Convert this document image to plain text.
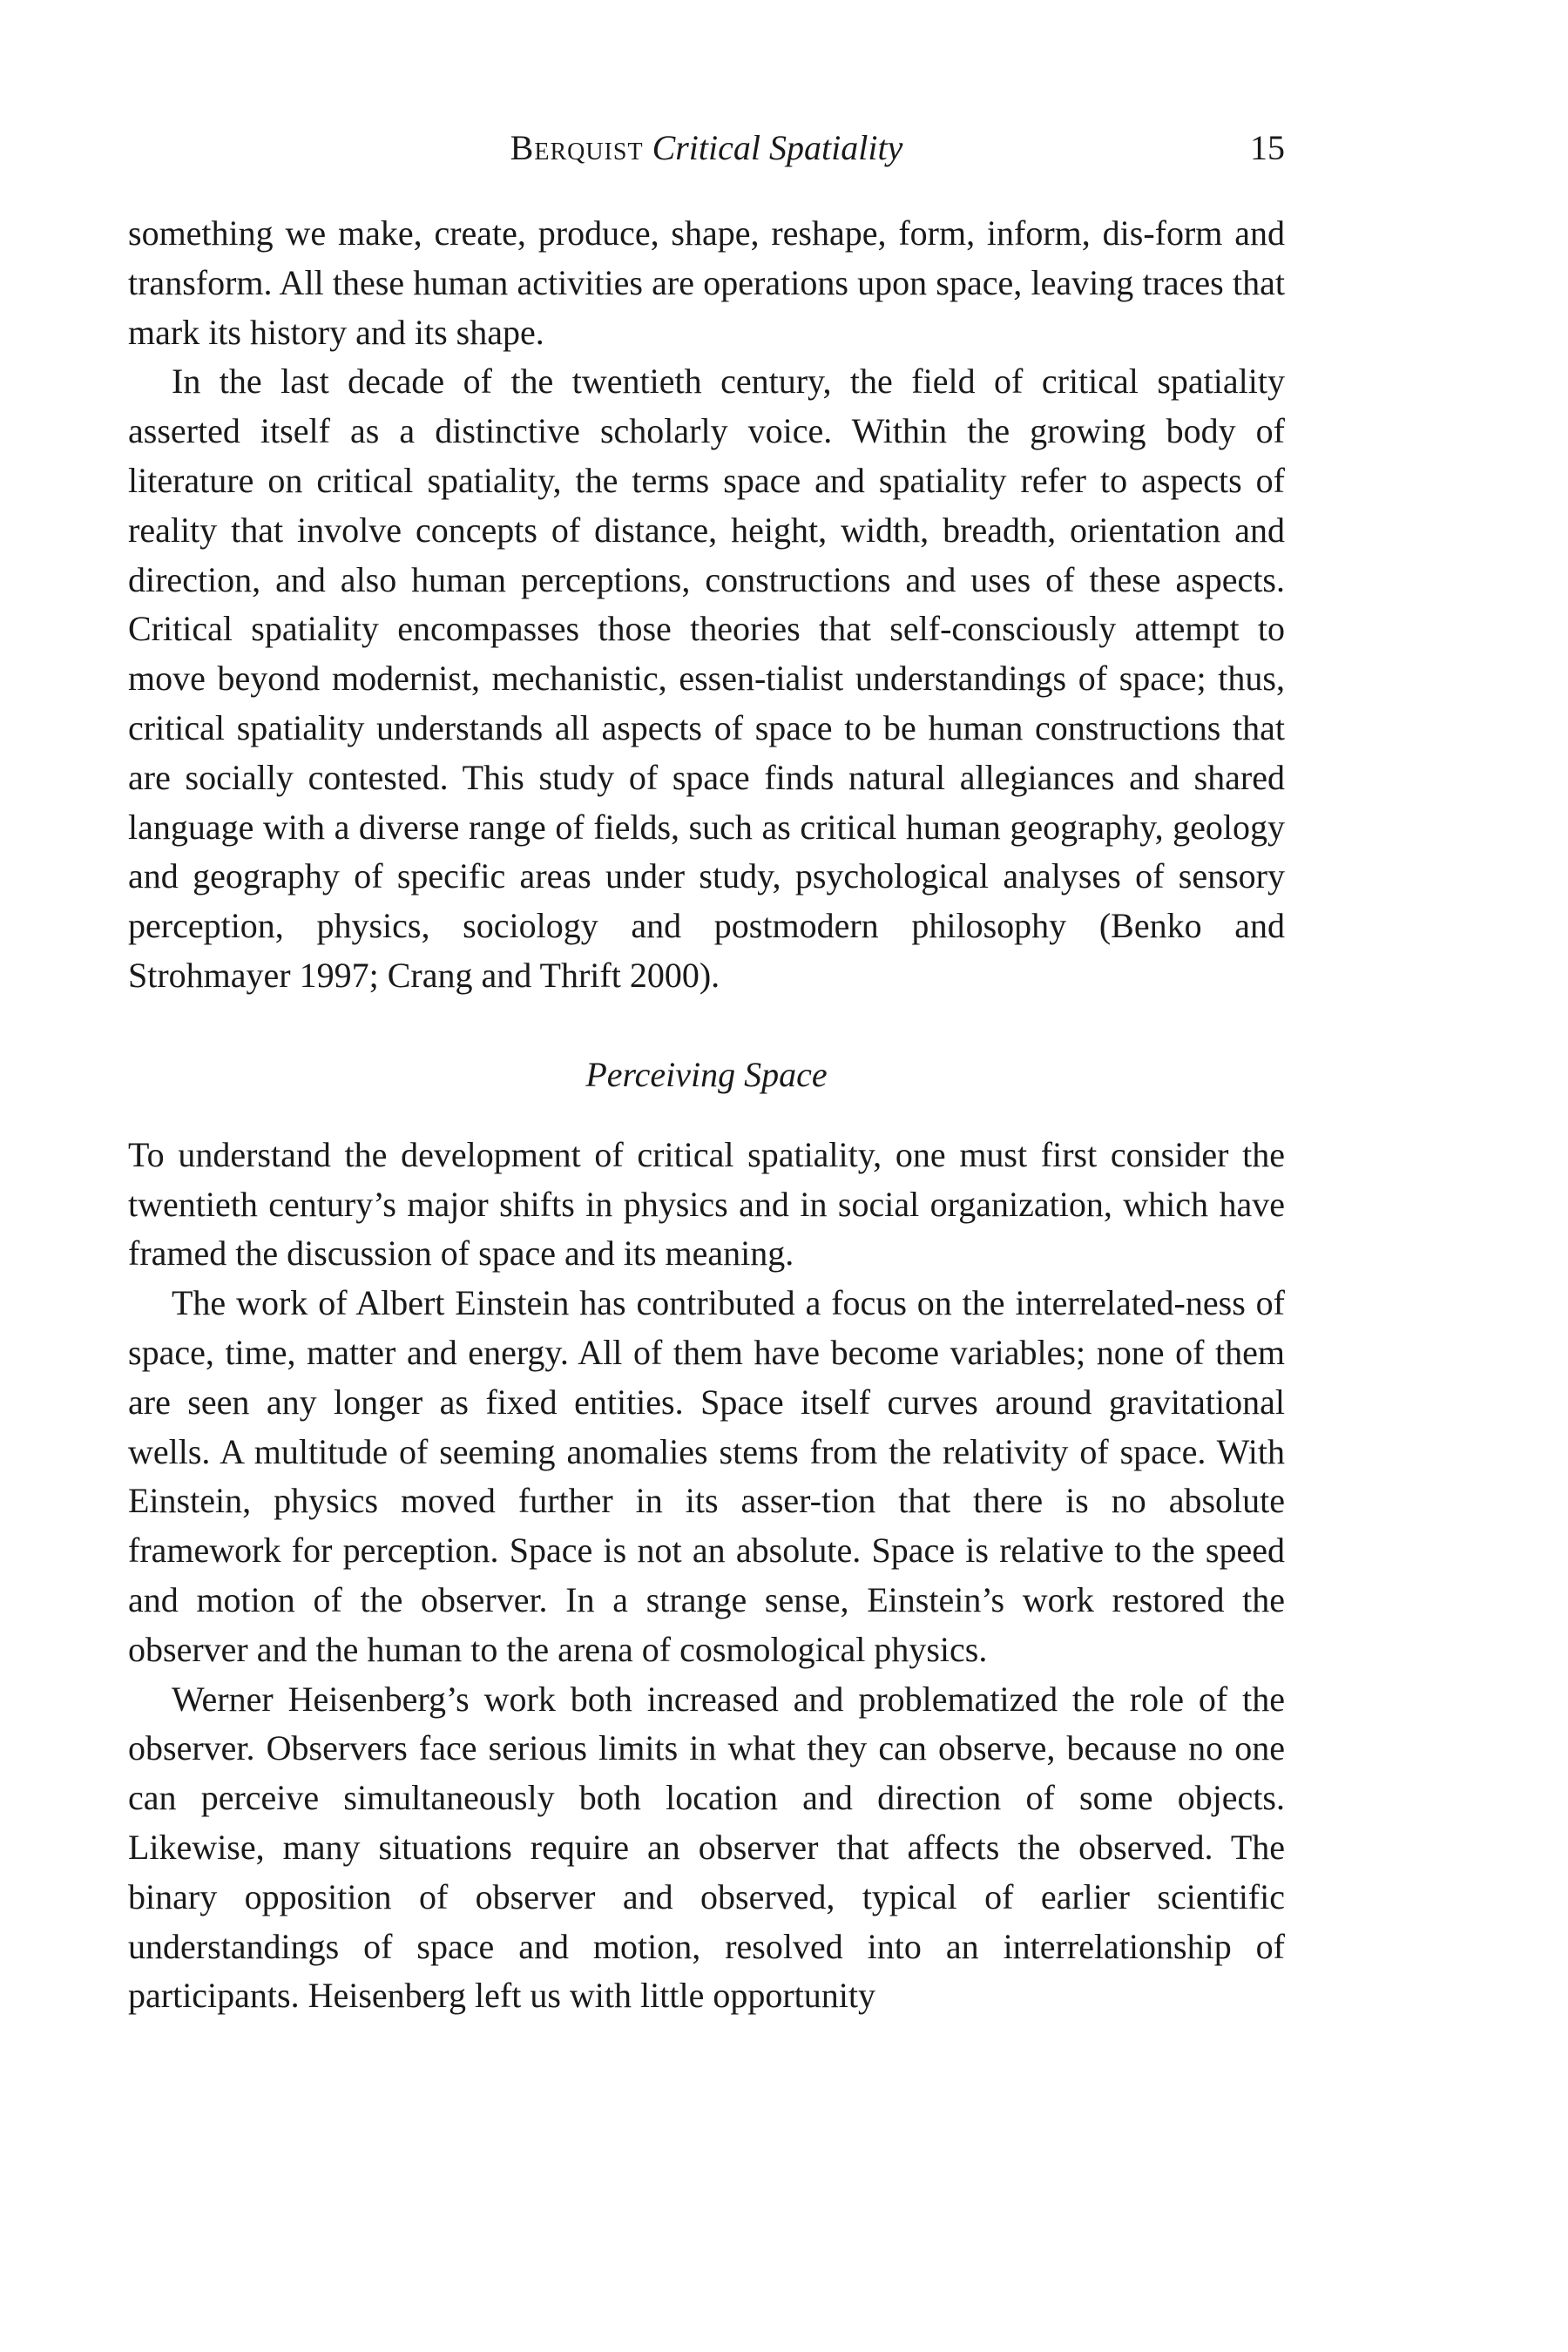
Berquist Critical Spatiality	15

something we make, create, produce, shape, reshape, form, inform, dis-form and transform. All these human activities are operations upon space, leaving traces that mark its history and its shape.

In the last decade of the twentieth century, the field of critical spatiality asserted itself as a distinctive scholarly voice. Within the growing body of literature on critical spatiality, the terms space and spatiality refer to aspects of reality that involve concepts of distance, height, width, breadth, orientation and direction, and also human perceptions, constructions and uses of these aspects. Critical spatiality encompasses those theories that self-consciously attempt to move beyond modernist, mechanistic, essen-tialist understandings of space; thus, critical spatiality understands all aspects of space to be human constructions that are socially contested. This study of space finds natural allegiances and shared language with a diverse range of fields, such as critical human geography, geology and geography of specific areas under study, psychological analyses of sensory perception, physics, sociology and postmodern philosophy (Benko and Strohmayer 1997; Crang and Thrift 2000).

Perceiving Space

To understand the development of critical spatiality, one must first consider the twentieth century’s major shifts in physics and in social organization, which have framed the discussion of space and its meaning.

The work of Albert Einstein has contributed a focus on the interrelated-ness of space, time, matter and energy. All of them have become variables; none of them are seen any longer as fixed entities. Space itself curves around gravitational wells. A multitude of seeming anomalies stems from the relativity of space. With Einstein, physics moved further in its asser-tion that there is no absolute framework for perception. Space is not an absolute. Space is relative to the speed and motion of the observer. In a strange sense, Einstein’s work restored the observer and the human to the arena of cosmological physics.

Werner Heisenberg’s work both increased and problematized the role of the observer. Observers face serious limits in what they can observe, because no one can perceive simultaneously both location and direction of some objects. Likewise, many situations require an observer that affects the observed. The binary opposition of observer and observed, typical of earlier scientific understandings of space and motion, resolved into an interrelationship of participants. Heisenberg left us with little opportunity
